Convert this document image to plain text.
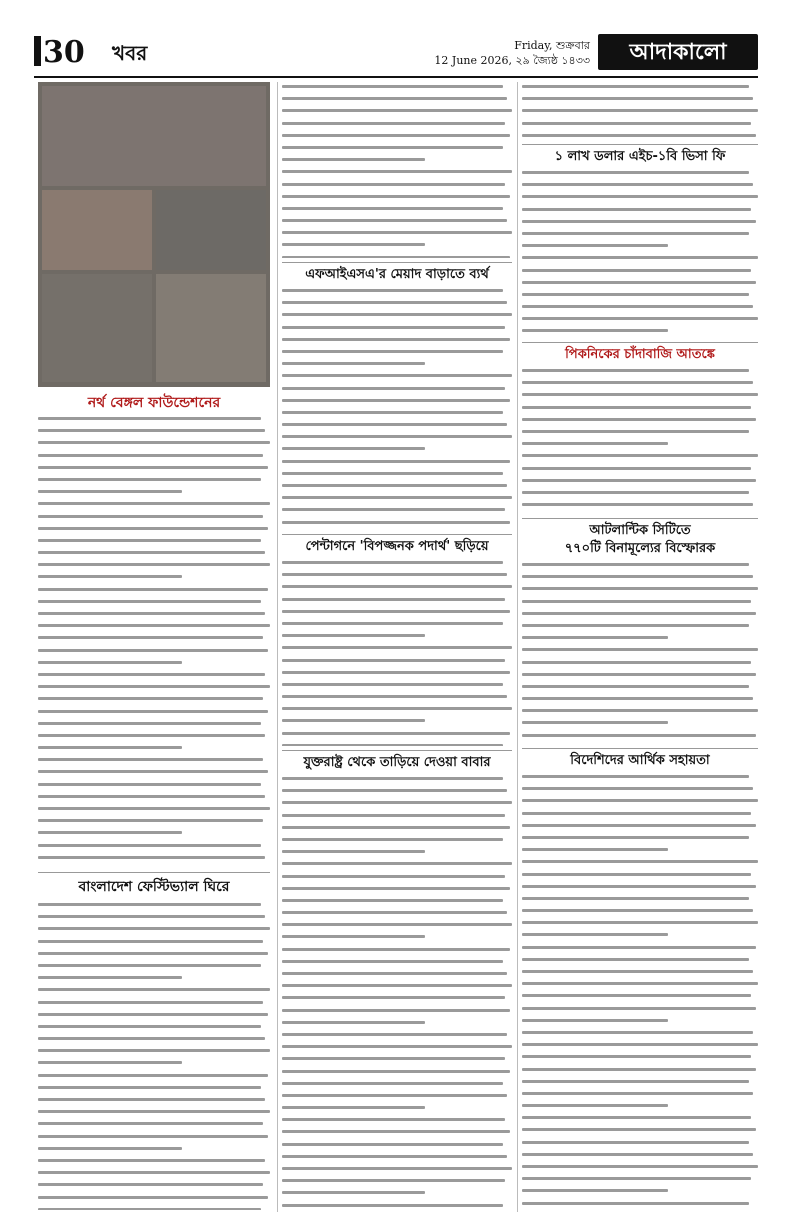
30 খবর	Friday, শুক্রবার
12 June 2026, ২৯ জ্যৈষ্ঠ ১৪৩৩	আদাকালো
নর্থ বেঙ্গল ফাউন্ডেশনের
বাংলাদেশ ফেস্টিভ্যাল ঘিরে
এফআইএসএ'র মেয়াদ বাড়াতে ব্যর্থ
পেন্টাগনে 'বিপজ্জনক পদার্থ' ছড়িয়ে
যুক্তরাষ্ট্র থেকে তাড়িয়ে দেওয়া বাবার
১ লাখ ডলার এইচ-১বি ভিসা ফি
পিকনিকের চাঁদাবাজি আতঙ্কে
আটলান্টিক সিটিতে
৭৭০টি বিনামূল্যের বিস্ফোরক
বিদেশিদের আর্থিক সহায়তা
